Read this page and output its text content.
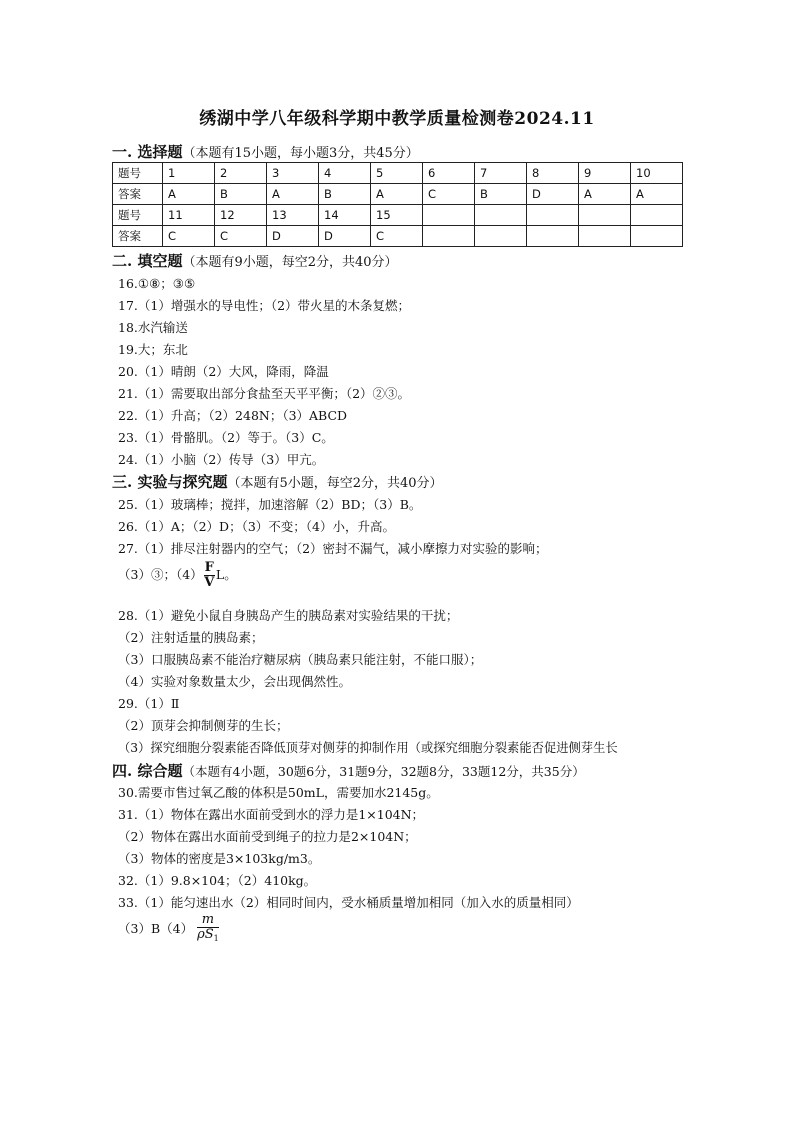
绣湖中学八年级科学期中教学质量检测卷2024.11
一. 选择题（本题有15小题，每小题3分，共45分）
题号	1	2	3	4	5	6	7	8	9	10
答案	A	B	A	B	A	C	B	D	A	A
题号	11	12	13	14	15					
答案	C	C	D	D	C					
二. 填空题（本题有9小题，每空2分，共40分）
16.①⑧；③⑤
17.（1）增强水的导电性；（2）带火星的木条复燃；
18.水汽输送
19.大；东北
20.（1）晴朗（2）大风，降雨，降温
21.（1）需要取出部分食盐至天平平衡；（2）②③。
22.（1）升高；（2）248N；（3）ABCD
23.（1）骨骼肌。（2）等于。（3）C。
24.（1）小脑（2）传导（3）甲亢。
三. 实验与探究题（本题有5小题，每空2分，共40分）
25.（1）玻璃棒；搅拌，加速溶解（2）BD；（3）B。
26.（1）A；（2）D；（3）不变；（4）小，升高。
27.（1）排尽注射器内的空气；（2）密封不漏气，减小摩擦力对实验的影响；
（3）③；$(4) \frac{F}{V}$ L。
28.（1）避免小鼠自身胰岛产生的胰岛素对实验结果的干扰；
（2）注射适量的胰岛素；
（3）口服胰岛素不能治疗糖尿病（胰岛素只能注射，不能口服）；
（4）实验对象数量太少，会出现偶然性。
29.（1）Ⅱ
（2）顶芽会抑制侧芽的生长；
（3）探究细胞分裂素能否降低顶芽对侧芽的抑制作用（或探究细胞分裂素能否促进侧芽生长
四. 综合题（本题有4小题，30题6分，31题9分，32题8分，33题12分，共35分）
30.需要市售过氧乙酸的体积是50mL，需要加水2145g。
31.（1）物体在露出水面前受到水的浮力是1×104N；
（2）物体在露出水面前受到绳子的拉力是2×104N；
（3）物体的密度是3×103kg/m3。
32.（1）9.8×104；（2）410kg。
33.（1）能匀速出水（2）相同时间内，受水桶质量增加相同（加入水的质量相同）
$(3)B(4) \frac{m}{\rho S_1}$
